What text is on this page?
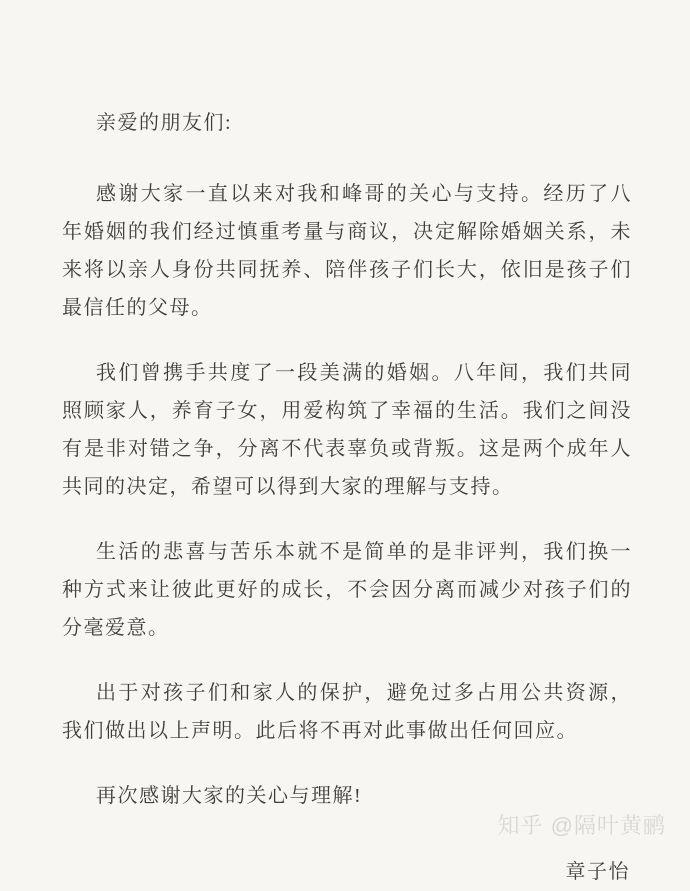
亲爱的朋友们:

感谢大家一直以来对我和峰哥的关心与支持。经历了八年婚姻的我们经过慎重考量与商议，决定解除婚姻关系，未来将以亲人身份共同抚养、陪伴孩子们长大，依旧是孩子们最信任的父母。

我们曾携手共度了一段美满的婚姻。八年间，我们共同照顾家人，养育子女，用爱构筑了幸福的生活。我们之间没有是非对错之争，分离不代表辜负或背叛。这是两个成年人共同的决定，希望可以得到大家的理解与支持。

生活的悲喜与苦乐本就不是简单的是非评判，我们换一种方式来让彼此更好的成长，不会因分离而减少对孩子们的分毫爱意。

出于对孩子们和家人的保护，避免过多占用公共资源，我们做出以上声明。此后将不再对此事做出任何回应。

再次感谢大家的关心与理解!

章子怡

知乎 @隔叶黄鹂
